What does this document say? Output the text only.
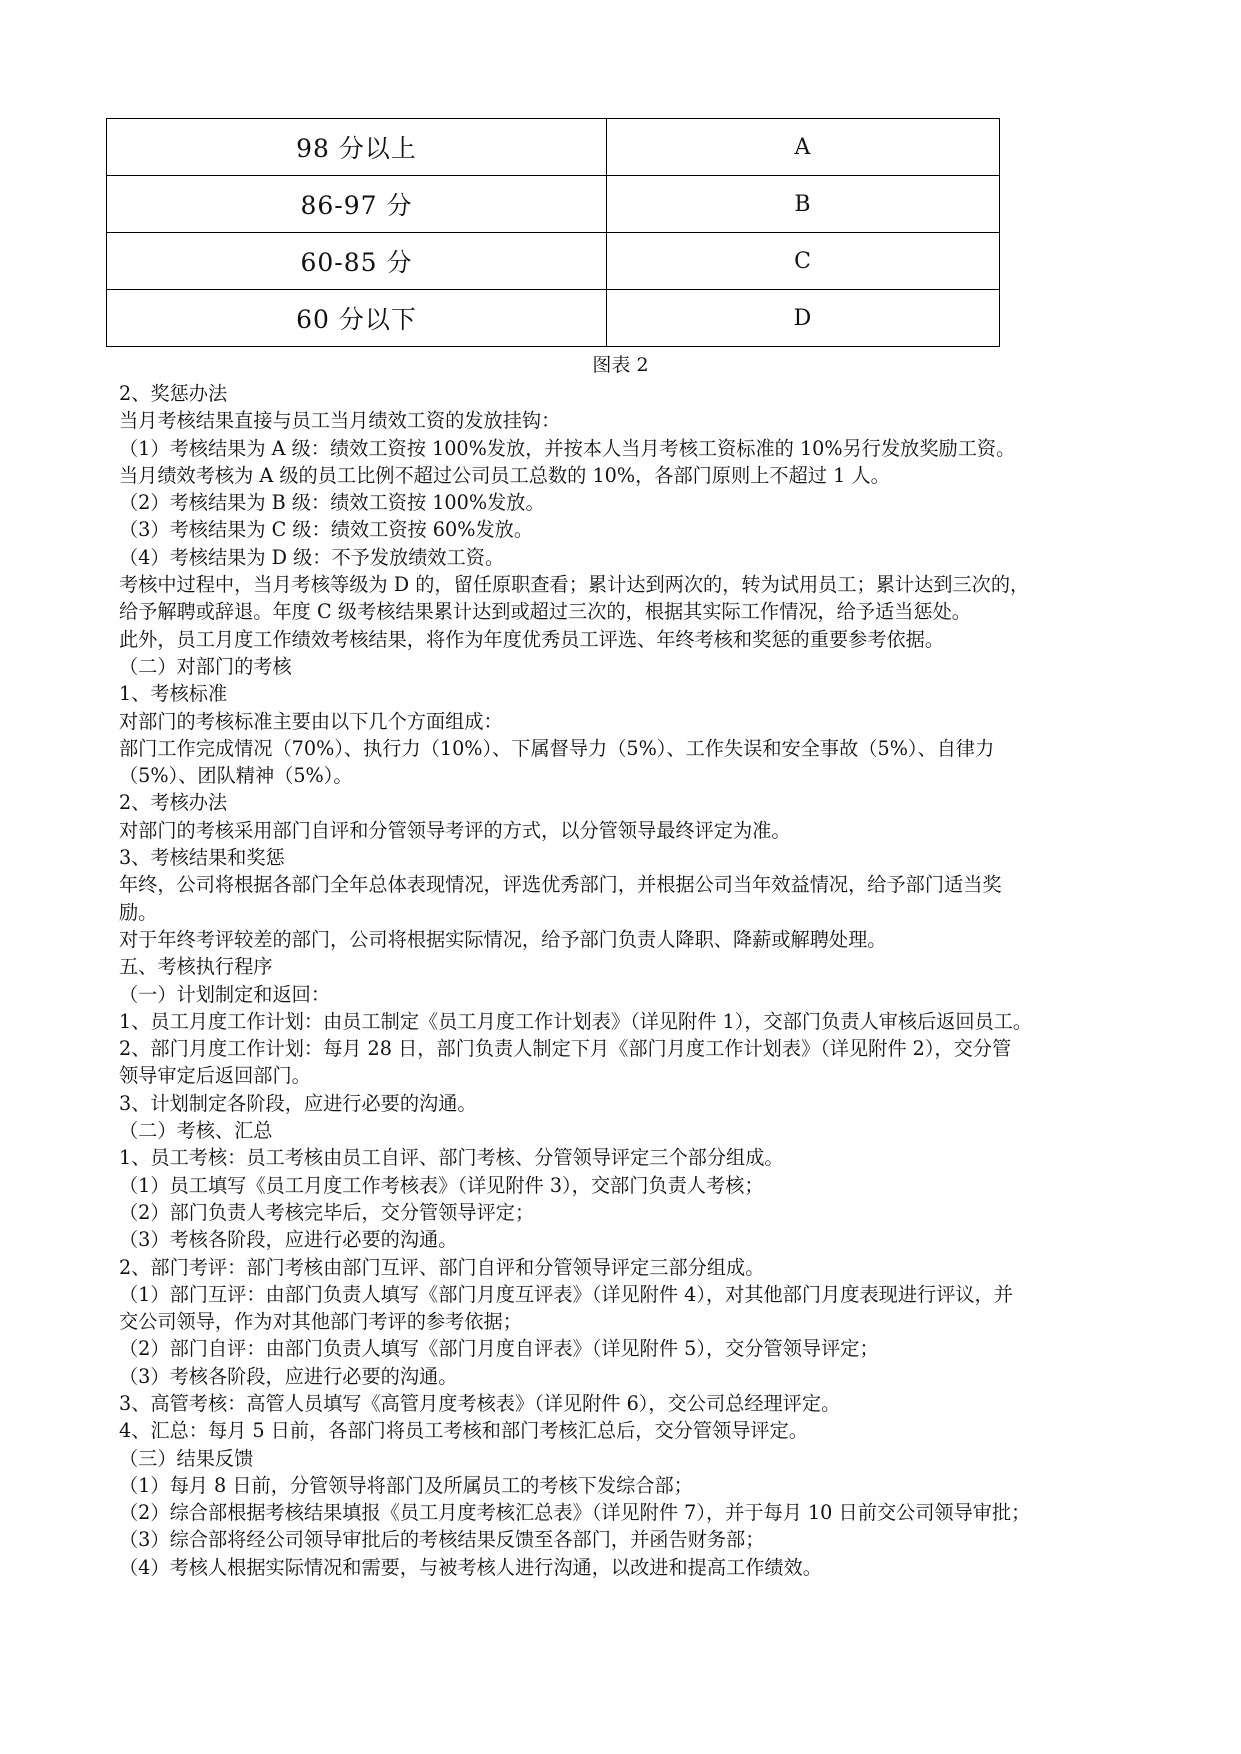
98 分以上	A
86-97 分	B
60-85 分	C
60 分以下	D
图表 2
2、奖惩办法
当月考核结果直接与员工当月绩效工资的发放挂钩：
（1）考核结果为 A 级：绩效工资按 100%发放，并按本人当月考核工资标准的 10%另行发放奖励工资。
当月绩效考核为 A 级的员工比例不超过公司员工总数的 10%，各部门原则上不超过 1 人。
（2）考核结果为 B 级：绩效工资按 100%发放。
（3）考核结果为 C 级：绩效工资按 60%发放。
（4）考核结果为 D 级：不予发放绩效工资。
考核中过程中，当月考核等级为 D 的，留任原职查看；累计达到两次的，转为试用员工；累计达到三次的，
给予解聘或辞退。年度 C 级考核结果累计达到或超过三次的，根据其实际工作情况，给予适当惩处。
此外，员工月度工作绩效考核结果，将作为年度优秀员工评选、年终考核和奖惩的重要参考依据。
（二）对部门的考核
1、考核标准
对部门的考核标准主要由以下几个方面组成：
部门工作完成情况（70%）、执行力（10%）、下属督导力（5%）、工作失误和安全事故（5%）、自律力
（5%）、团队精神（5%）。
2、考核办法
对部门的考核采用部门自评和分管领导考评的方式，以分管领导最终评定为准。
3、考核结果和奖惩
年终，公司将根据各部门全年总体表现情况，评选优秀部门，并根据公司当年效益情况，给予部门适当奖
励。
对于年终考评较差的部门，公司将根据实际情况，给予部门负责人降职、降薪或解聘处理。
五、考核执行程序
（一）计划制定和返回：
1、员工月度工作计划：由员工制定《员工月度工作计划表》（详见附件 1），交部门负责人审核后返回员工。
2、部门月度工作计划：每月 28 日，部门负责人制定下月《部门月度工作计划表》（详见附件 2），交分管
领导审定后返回部门。
3、计划制定各阶段，应进行必要的沟通。
（二）考核、汇总
1、员工考核：员工考核由员工自评、部门考核、分管领导评定三个部分组成。
（1）员工填写《员工月度工作考核表》（详见附件 3），交部门负责人考核；
（2）部门负责人考核完毕后，交分管领导评定；
（3）考核各阶段，应进行必要的沟通。
2、部门考评：部门考核由部门互评、部门自评和分管领导评定三部分组成。
（1）部门互评：由部门负责人填写《部门月度互评表》（详见附件 4），对其他部门月度表现进行评议，并
交公司领导，作为对其他部门考评的参考依据；
（2）部门自评：由部门负责人填写《部门月度自评表》（详见附件 5），交分管领导评定；
（3）考核各阶段，应进行必要的沟通。
3、高管考核：高管人员填写《高管月度考核表》（详见附件 6），交公司总经理评定。
4、汇总：每月 5 日前，各部门将员工考核和部门考核汇总后，交分管领导评定。
（三）结果反馈
（1）每月 8 日前，分管领导将部门及所属员工的考核下发综合部；
（2）综合部根据考核结果填报《员工月度考核汇总表》（详见附件 7），并于每月 10 日前交公司领导审批；
（3）综合部将经公司领导审批后的考核结果反馈至各部门，并函告财务部；
（4）考核人根据实际情况和需要，与被考核人进行沟通，以改进和提高工作绩效。
